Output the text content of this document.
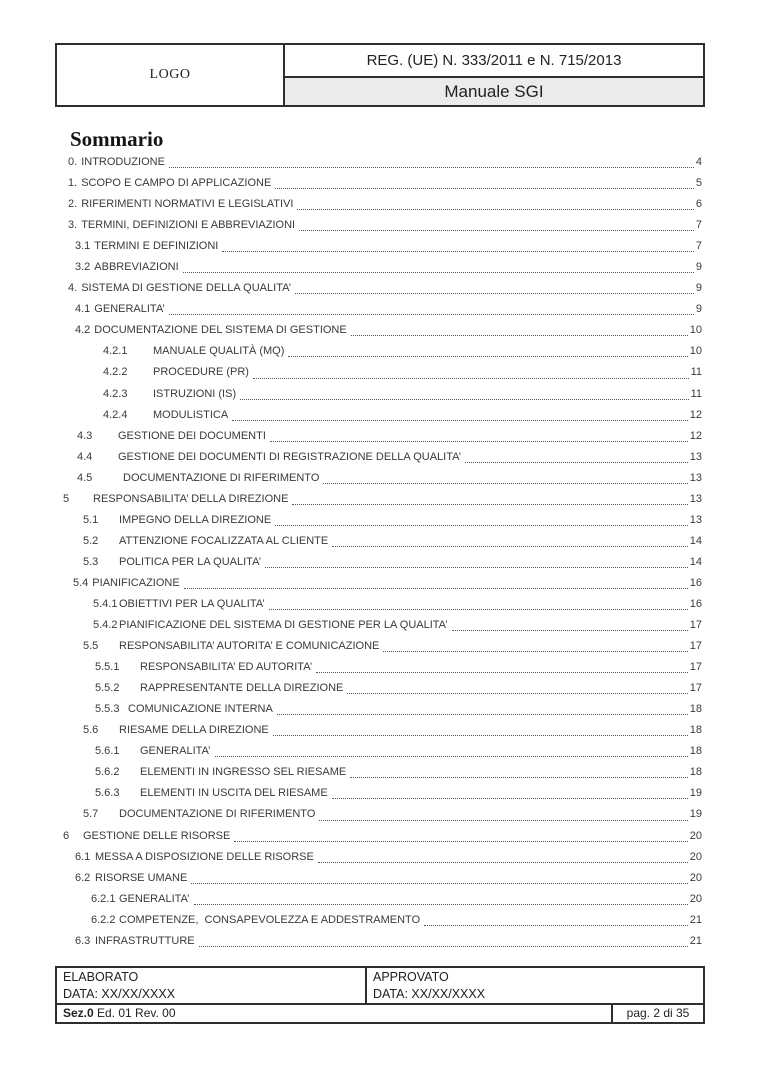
LOGO
REG. (UE) N. 333/2011 e N. 715/2013
Manuale SGI
Sommario
0. INTRODUZIONE	4
1. SCOPO E CAMPO DI APPLICAZIONE	5
2. RIFERIMENTI NORMATIVI E LEGISLATIVI	6
3. TERMINI, DEFINIZIONI E ABBREVIAZIONI	7
3.1 TERMINI E DEFINIZIONI	7
3.2 ABBREVIAZIONI	9
4. SISTEMA DI GESTIONE DELLA QUALITA’	9
4.1 GENERALITA’	9
4.2 DOCUMENTAZIONE DEL SISTEMA DI GESTIONE	10
4.2.1	MANUALE QUALITÀ (MQ)	10
4.2.2	PROCEDURE (PR)	11
4.2.3	ISTRUZIONI (IS)	11
4.2.4	MODULISTICA	12
4.3	GESTIONE DEI DOCUMENTI	12
4.4	GESTIONE DEI DOCUMENTI DI REGISTRAZIONE DELLA QUALITA’	13
4.5	DOCUMENTAZIONE DI RIFERIMENTO	13
5	RESPONSABILITA’ DELLA DIREZIONE	13
5.1	IMPEGNO DELLA DIREZIONE	13
5.2	ATTENZIONE FOCALIZZATA AL CLIENTE	14
5.3	POLITICA PER LA QUALITA’	14
5.4 PIANIFICAZIONE	16
5.4.1 OBIETTIVI PER LA QUALITA’	16
5.4.2 PIANIFICAZIONE DEL SISTEMA DI GESTIONE PER LA QUALITA’	17
5.5	RESPONSABILITA’ AUTORITA’ E COMUNICAZIONE	17
5.5.1	RESPONSABILITA’ ED AUTORITA’	17
5.5.2	RAPPRESENTANTE DELLA DIREZIONE	17
5.5.3 COMUNICAZIONE INTERNA	18
5.6	RIESAME DELLA DIREZIONE	18
5.6.1	GENERALITA’	18
5.6.2	ELEMENTI IN INGRESSO SEL RIESAME	18
5.6.3	ELEMENTI IN USCITA DEL RIESAME	19
5.7	DOCUMENTAZIONE DI RIFERIMENTO	19
6	GESTIONE DELLE RISORSE	20
6.1 MESSA A DISPOSIZIONE DELLE RISORSE	20
6.2 RISORSE UMANE	20
6.2.1 GENERALITA’	20
6.2.2 COMPETENZE,  CONSAPEVOLEZZA E ADDESTRAMENTO	21
6.3 INFRASTRUTTURE	21
ELABORATO
DATA: XX/XX/XXXX
APPROVATO
DATA: XX/XX/XXXX
Sez.0 Ed. 01 Rev. 00	pag. 2 di 35
